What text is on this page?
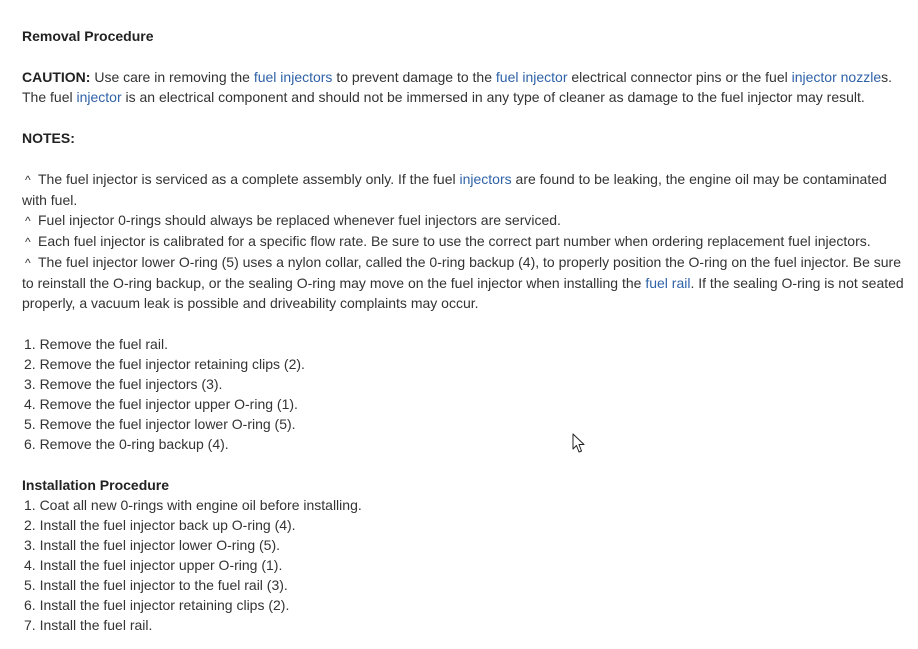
Removal Procedure

CAUTION: Use care in removing the fuel injectors to prevent damage to the fuel injector electrical connector pins or the fuel injector nozzles. The fuel injector is an electrical component and should not be immersed in any type of cleaner as damage to the fuel injector may result.

NOTES:

^ The fuel injector is serviced as a complete assembly only. If the fuel injectors are found to be leaking, the engine oil may be contaminated with fuel.

^ Fuel injector 0-rings should always be replaced whenever fuel injectors are serviced.

^ Each fuel injector is calibrated for a specific flow rate. Be sure to use the correct part number when ordering replacement fuel injectors.

^ The fuel injector lower O-ring (5) uses a nylon collar, called the 0-ring backup (4), to properly position the O-ring on the fuel injector. Be sure to reinstall the O-ring backup, or the sealing O-ring may move on the fuel injector when installing the fuel rail. If the sealing O-ring is not seated properly, a vacuum leak is possible and driveability complaints may occur.

1. Remove the fuel rail.

2. Remove the fuel injector retaining clips (2).

3. Remove the fuel injectors (3).

4. Remove the fuel injector upper O-ring (1).

5. Remove the fuel injector lower O-ring (5).

6. Remove the 0-ring backup (4).

Installation Procedure

1. Coat all new 0-rings with engine oil before installing.

2. Install the fuel injector back up O-ring (4).

3. Install the fuel injector lower O-ring (5).

4. Install the fuel injector upper O-ring (1).

5. Install the fuel injector to the fuel rail (3).

6. Install the fuel injector retaining clips (2).

7. Install the fuel rail.
